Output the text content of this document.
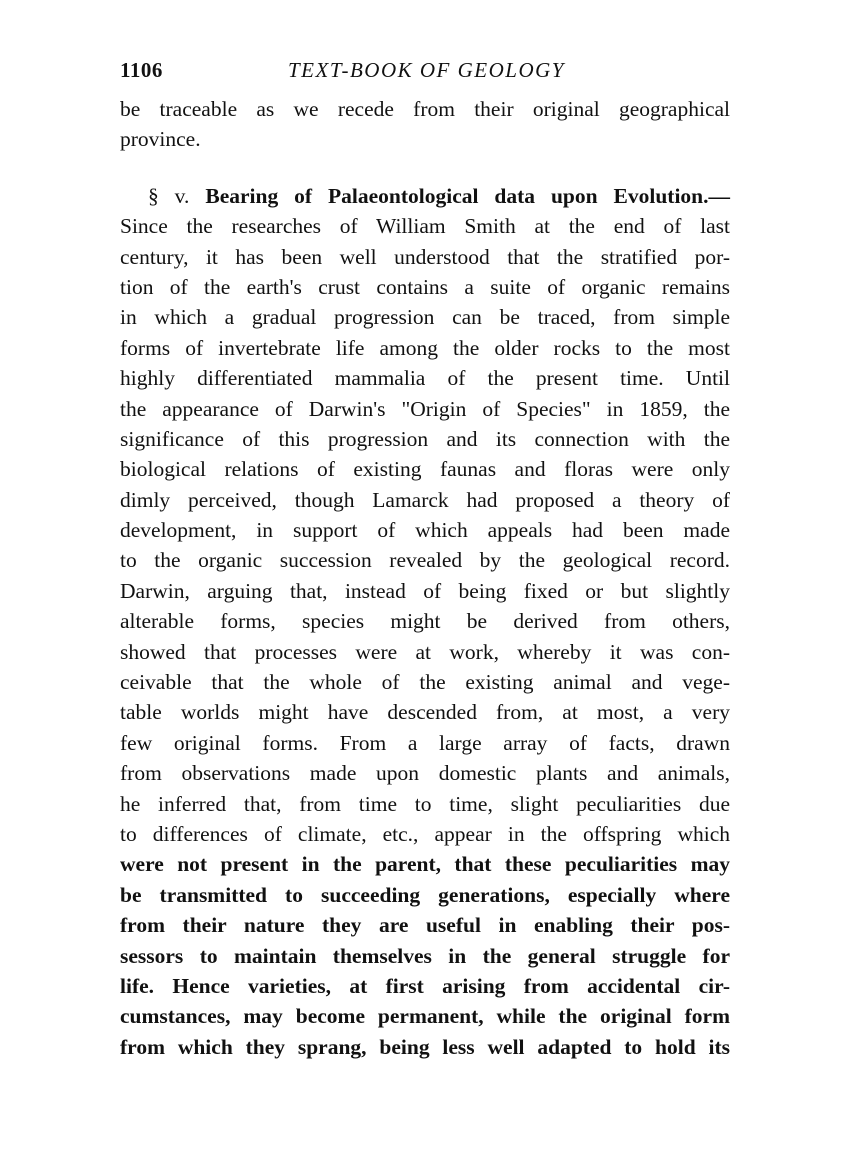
1106	TEXT-BOOK OF GEOLOGY
be traceable as we recede from their original geographical
province.
§ v. Bearing of Palaeontological data upon Evolution.—
Since the researches of William Smith at the end of last
century, it has been well understood that the stratified por-
tion of the earth's crust contains a suite of organic remains
in which a gradual progression can be traced, from simple
forms of invertebrate life among the older rocks to the most
highly differentiated mammalia of the present time. Until
the appearance of Darwin's "Origin of Species" in 1859, the
significance of this progression and its connection with the
biological relations of existing faunas and floras were only
dimly perceived, though Lamarck had proposed a theory of
development, in support of which appeals had been made
to the organic succession revealed by the geological record.
Darwin, arguing that, instead of being fixed or but slightly
alterable forms, species might be derived from others,
showed that processes were at work, whereby it was con-
ceivable that the whole of the existing animal and vege-
table worlds might have descended from, at most, a very
few original forms. From a large array of facts, drawn
from observations made upon domestic plants and animals,
he inferred that, from time to time, slight peculiarities due
to differences of climate, etc., appear in the offspring which
were not present in the parent, that these peculiarities may
be transmitted to succeeding generations, especially where
from their nature they are useful in enabling their pos-
sessors to maintain themselves in the general struggle for
life. Hence varieties, at first arising from accidental cir-
cumstances, may become permanent, while the original form
from which they sprang, being less well adapted to hold its
